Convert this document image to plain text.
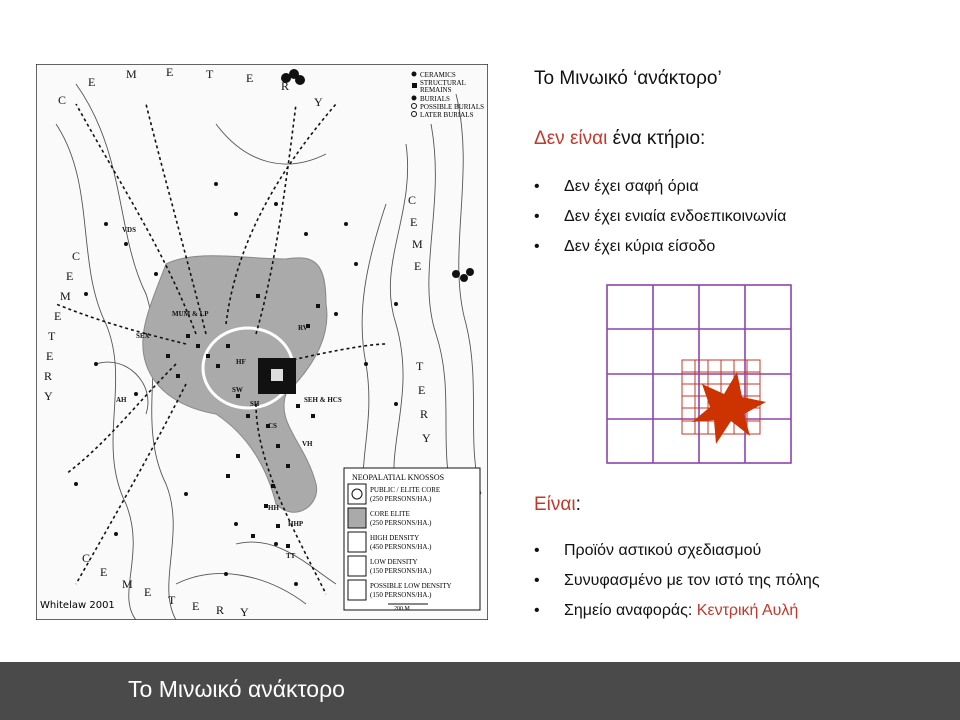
CERAMICS
STRUCTURAL
REMAINS
BURIALS
POSSIBLE BURIALS
LATER BURIALS
C
E
M E	T	E
R
Y
C
E
M
E
T
E
R
Y
C
E
M
E
T E R Y
C
E
M
E
T
E
R
Y
VDS
MUM & LP
SEX
RV
HF
SW
SH	SEH & HCS
AH
CS
VH
HH
HHP
TT
NEOPALATIAL KNOSSOS
PUBLIC / ELITE CORE
(250 PERSONS/HA.)
CORE ELITE
(250 PERSONS/HA.)
HIGH DENSITY
(450 PERSONS/HA.)
LOW DENSITY
(150 PERSONS/HA.)
POSSIBLE LOW DENSITY
(150 PERSONS/HA.)
200 M
Whitelaw 2001
Το Μινωικό ‘ανάκτορο’
Δεν είναι ένα κτήριο:
• Δεν έχει σαφή όρια
• Δεν έχει ενιαία ενδοεπικοινωνία
• Δεν έχει κύρια είσοδο
Είναι:
• Προϊόν αστικού σχεδιασμού
• Συνυφασμένο με τον ιστό της πόλης
• Σημείο αναφοράς: Κεντρική Αυλή
Το Μινωικό ανάκτορο
